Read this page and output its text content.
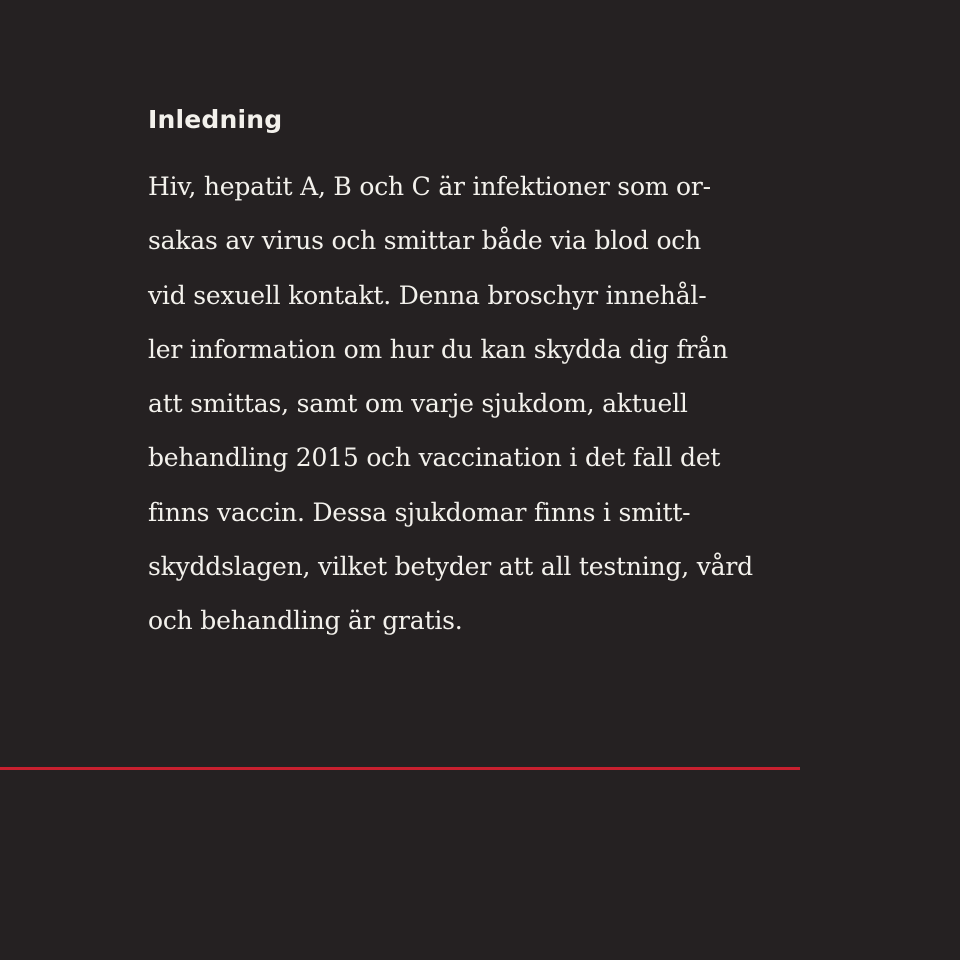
Inledning

Hiv, hepatit A, B och C är infektioner som or-
sakas av virus och smittar både via blod och
vid sexuell kontakt. Denna broschyr innehål-
ler information om hur du kan skydda dig från
att smittas, samt om varje sjukdom, aktuell
behandling 2015 och vaccination i det fall det
finns vaccin. Dessa sjukdomar finns i smitt-
skyddslagen, vilket betyder att all testning, vård
och behandling är gratis.
